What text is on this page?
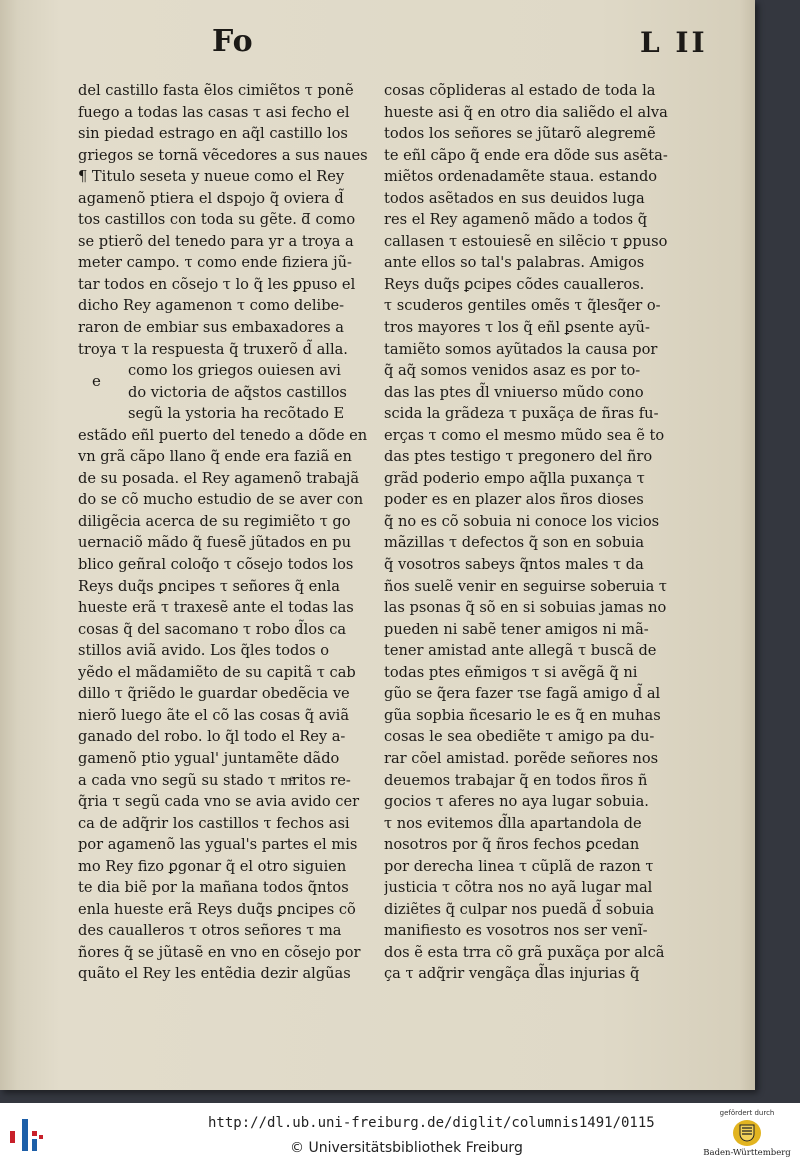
Fo	L II
del castillo fasta ẽlos cimiẽtos τ ponẽ
fuego a todas las casas τ asi fecho el
sin piedad estrago en aq̃l castillo los
griegos se tornã vẽcedores a sus naues
¶ Titulo seseta y nueue como el Rey
agamenõ ptiera el dspojo q̃ oviera d̃
tos castillos con toda su gẽte. ƌ como
se ptierõ del tenedo para yr a troya a
meter campo. τ como ende fiziera jũ-
tar todos en cõsejo τ lo q̃ les ꝑpuso el
dicho Rey agamenon τ como delibe-
raron de embiar sus embaxadores a
troya τ la respuesta q̃ truxerõ d̃ alla.
como los griegos ouiesen avi
do victoria de aq̃stos castillos
segũ la ystoria ha recõtado E
estãdo eñl puerto del tenedo a dõde en
vn grã cãpo llano q̃ ende era faziã en
de su posada. el Rey agamenõ trabajã
do se cõ mucho estudio de se aver con
diligẽcia acerca de su regimiẽto τ go
uernaciõ mãdo q̃ fuesẽ jũtados en pu
blico geñral coloq̃o τ cõsejo todos los
Reys duq̃s ꝑncipes τ señores q̃ enla
hueste erã τ traxesẽ ante el todas las
cosas q̃ del sacomano τ robo d̃los ca
stillos aviã avido. Los q̃les todos o
yẽdo el mãdamiẽto de su capitã τ cab
dillo τ q̃riẽdo le guardar obedẽcia ve
nierõ luego ãte el cõ las cosas q̃ aviã
ganado del robo. lo q̃l todo el Rey a-
gamenõ ptio ygual' juntamẽte dãdo
a cada vno segũ su stado τ mͤritos re-
q̃ria τ segũ cada vno se avia avido cer
ca de adq̃rir los castillos τ fechos asi
por agamenõ las ygual's partes el mis
mo Rey fizo ꝑgonar q̃ el otro siguien
te dia biẽ por la mañana todos q̃ntos
enla hueste erã Reys duq̃s ꝑncipes cõ
des caualleros τ otros señores τ ma
ñores q̃ se jũtasẽ en vno en cõsejo por
quãto el Rey les entẽdia dezir algũas
e
cosas cõplideras al estado de toda la
hueste asi q̃ en otro dia saliẽdo el alva
todos los señores se jũtarõ alegremẽ
te eñl cãpo q̃ ende era dõde sus asẽta-
miẽtos ordenadamẽte staua. estando
todos asẽtados en sus deuidos luga
res el Rey agamenõ mãdo a todos q̃
callasen τ estouiesẽ en silẽcio τ ꝑpuso
ante ellos so tal's palabras. Amigos
Reys duq̃s ꝑcipes cõdes caualleros.
τ scuderos gentiles omẽs τ q̃lesq̃er o-
tros mayores τ los q̃ eñl ꝑsente ayũ-
tamiẽto somos ayũtados la causa por
q̃ aq̃ somos venidos asaz es por to-
das las ptes d̃l vniuerso mũdo cono
scida la grãdeza τ puxãça de ñras fu-
erças τ como el mesmo mũdo sea ẽ to
das ptes testigo τ pregonero del ñro
grãd poderio empo aq̃lla puxança τ
poder es en plazer alos ñros dioses
q̃ no es cõ sobuia ni conoce los vicios
mãzillas τ defectos q̃ son en sobuia
q̃ vosotros sabeys q̃ntos males τ da
ños suelẽ venir en seguirse soberuia τ
las psonas q̃ sõ en si sobuias jamas no
pueden ni sabẽ tener amigos ni mã-
tener amistad ante allegã τ buscã de
todas ptes eñmigos τ si avẽgã q̃ ni
gũo se q̃era fazer τse fagã amigo d̃ al
gũa sopbia ñcesario le es q̃ en muhas
cosas le sea obediẽte τ amigo pa du-
rar cõel amistad. porẽde señores nos
deuemos trabajar q̃ en todos ñros ñ
gocios τ aferes no aya lugar sobuia.
τ nos evitemos d̃lla apartandola de
nosotros por q̃ ñros fechos ꝑcedan
por derecha linea τ cũplã de razon τ
justicia τ cõtra nos no ayã lugar mal
diziẽtes q̃ culpar nos puedã d̃ sobuia
manifiesto es vosotros nos ser venĩ-
dos ẽ esta trra cõ grã puxãça por alcã
ça τ adq̃rir vengãça d̃las injurias q̃
http://dl.ub.uni-freiburg.de/diglit/columnis1491/0115
© Universitätsbibliothek Freiburg
gefördert durch
Baden-Württemberg
